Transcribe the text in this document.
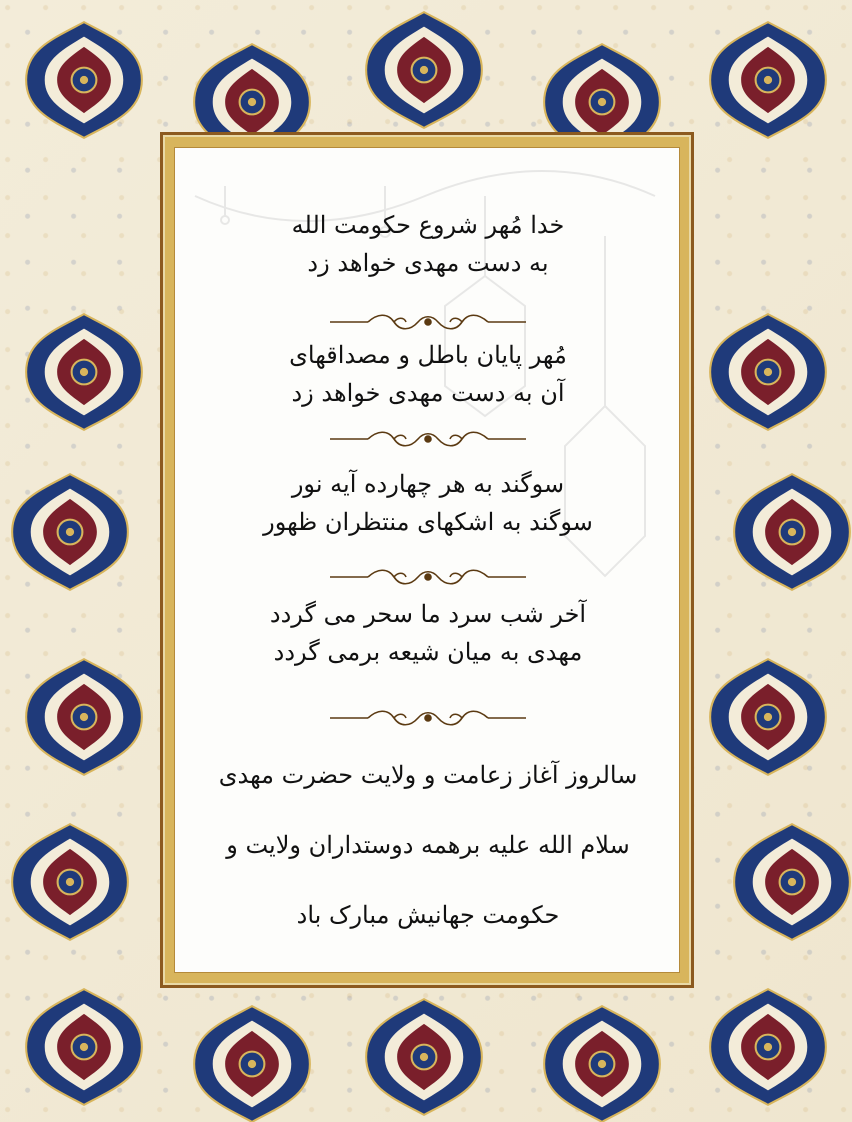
خدا مُهر شروع حکومت الله
به دست مهدی خواهد زد
مُهر پایان باطل و مصداقهای
آن به دست مهدی خواهد زد
سوگند به هر چهارده آیه نور
سوگند به اشکهای منتظران ظهور
آخر شب سرد ما سحر می گردد
مهدی به میان شیعه برمی گردد
سالروز آغاز زعامت و ولایت حضرت مهدی
سلام الله علیه برهمه دوستداران ولایت و
حکومت جهانیش مبارک باد
